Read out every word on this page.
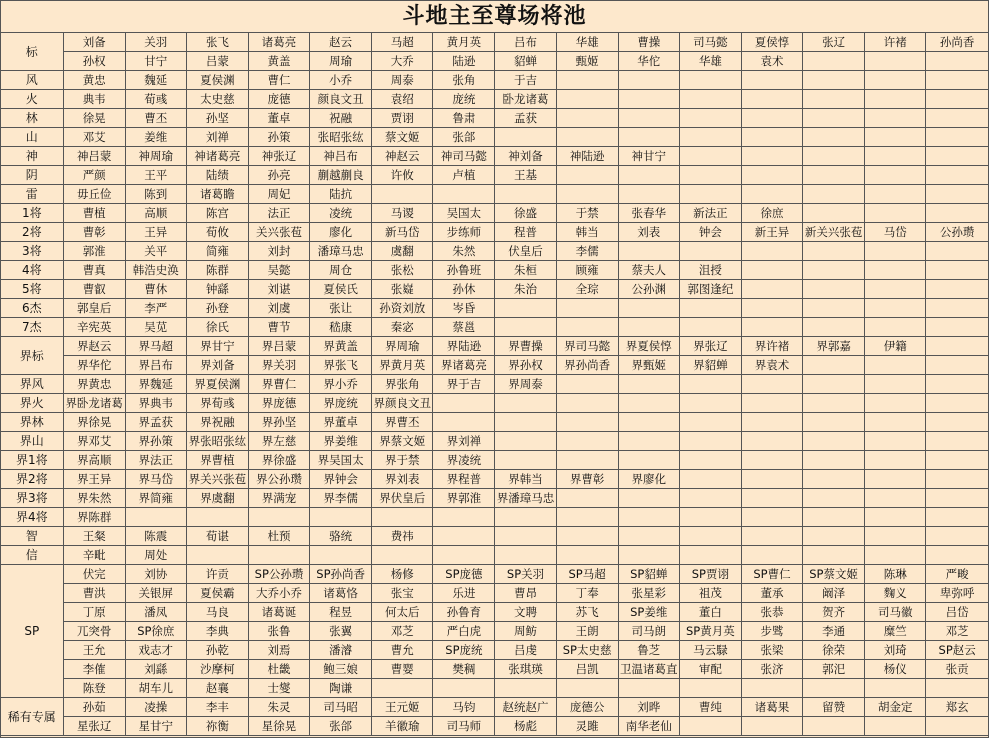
斗地主至尊场将池
标	刘备	关羽	张飞	诸葛亮	赵云	马超	黄月英	吕布	华雄	曹操	司马懿	夏侯惇	张辽	许褚	孙尚香
	孙权	甘宁	吕蒙	黄盖	周瑜	大乔	陆逊	貂蝉	甄姬	华佗	华雄	袁术			
风	黄忠	魏延	夏侯渊	曹仁	小乔	周泰	张角	于吉							
火	典韦	荀彧	太史慈	庞德	颜良文丑	袁绍	庞统	卧龙诸葛							
林	徐晃	曹丕	孙坚	董卓	祝融	贾诩	鲁肃	孟获							
山	邓艾	姜维	刘禅	孙策	张昭张纮	蔡文姬	张郃								
神	神吕蒙	神周瑜	神诸葛亮	神张辽	神吕布	神赵云	神司马懿	神刘备	神陆逊	神甘宁					
阴	严颜	王平	陆绩	孙亮	蒯越蒯良	许攸	卢植	王基							
雷	毋丘俭	陈到	诸葛瞻	周妃	陆抗										
1将	曹植	高顺	陈宫	法正	凌统	马谡	吴国太	徐盛	于禁	张春华	新法正	徐庶			
2将	曹彰	王异	荀攸	关兴张苞	廖化	新马岱	步练师	程普	韩当	刘表	钟会	新王异	新关兴张苞	马岱	公孙瓒
3将	郭淮	关平	简雍	刘封	潘璋马忠	虞翻	朱然	伏皇后	李儒						
4将	曹真	韩浩史涣	陈群	吴懿	周仓	张松	孙鲁班	朱桓	顾雍	蔡夫人	沮授				
5将	曹叡	曹休	钟繇	刘谌	夏侯氏	张嶷	孙休	朱治	全琮	公孙渊	郭图逢纪				
6杰	郭皇后	李严	孙登	刘虞	张让	孙资刘放	岑昏								
7杰	辛宪英	吴苋	徐氏	曹节	嵇康	秦宓	蔡邕								
界标	界赵云	界马超	界甘宁	界吕蒙	界黄盖	界周瑜	界陆逊	界曹操	界司马懿	界夏侯惇	界张辽	界许褚	界郭嘉	伊籍	
	界华佗	界吕布	界刘备	界关羽	界张飞	界黄月英	界诸葛亮	界孙权	界孙尚香	界甄姬	界貂蝉	界袁术			
界风	界黄忠	界魏延	界夏侯渊	界曹仁	界小乔	界张角	界于吉	界周泰							
界火	界卧龙诸葛	界典韦	界荀彧	界庞德	界庞统	界颜良文丑									
界林	界徐晃	界孟获	界祝融	界孙坚	界董卓	界曹丕									
界山	界邓艾	界孙策	界张昭张纮	界左慈	界姜维	界蔡文姬	界刘禅								
界1将	界高顺	界法正	界曹植	界徐盛	界吴国太	界于禁	界凌统								
界2将	界王异	界马岱	界关兴张苞	界公孙瓒	界钟会	界刘表	界程普	界韩当	界曹彰	界廖化					
界3将	界朱然	界简雍	界虞翻	界满宠	界李儒	界伏皇后	界郭淮	界潘璋马忠							
界4将	界陈群														
智	王粲	陈震	荀谌	杜预	骆统	费祎									
信	辛毗	周处													
SP	伏完	刘协	许贡	SP公孙瓒	SP孙尚香	杨修	SP庞德	SP关羽	SP马超	SP貂蝉	SP贾诩	SP曹仁	SP蔡文姬	陈琳	严畯
	曹洪	关银屏	夏侯霸	大乔小乔	诸葛恪	张宝	乐进	曹昂	丁奉	张星彩	祖茂	董承	阚泽	麴义	卑弥呼
	丁原	潘凤	马良	诸葛诞	程昱	何太后	孙鲁育	文聘	苏飞	SP姜维	董白	张恭	贺齐	司马徽	吕岱
	兀突骨	SP徐庶	李典	张鲁	张翼	邓芝	严白虎	周鲂	王朗	司马朗	SP黄月英	步骘	李通	糜竺	邓芝
	王允	戏志才	孙乾	刘焉	潘濬	曹允	SP庞统	吕虔	SP太史慈	鲁芝	马云騄	张梁	徐荣	刘琦	SP赵云
	李傕	刘繇	沙摩柯	杜畿	鲍三娘	曹婴	樊稠	张琪瑛	吕凯	卫温诸葛直	审配	张济	郭汜	杨仪	张贡
	陈登	胡车儿	赵襄	士燮	陶谦										
稀有专属	孙茹	凌操	李丰	朱灵	司马昭	王元姬	马钧	赵统赵广	庞德公	刘晔	曹纯	诸葛果	留赞	胡金定	郑玄
	星张辽	星甘宁	祢衡	星徐晃	张郃	羊徽瑜	司马师	杨彪	灵雎	南华老仙					
